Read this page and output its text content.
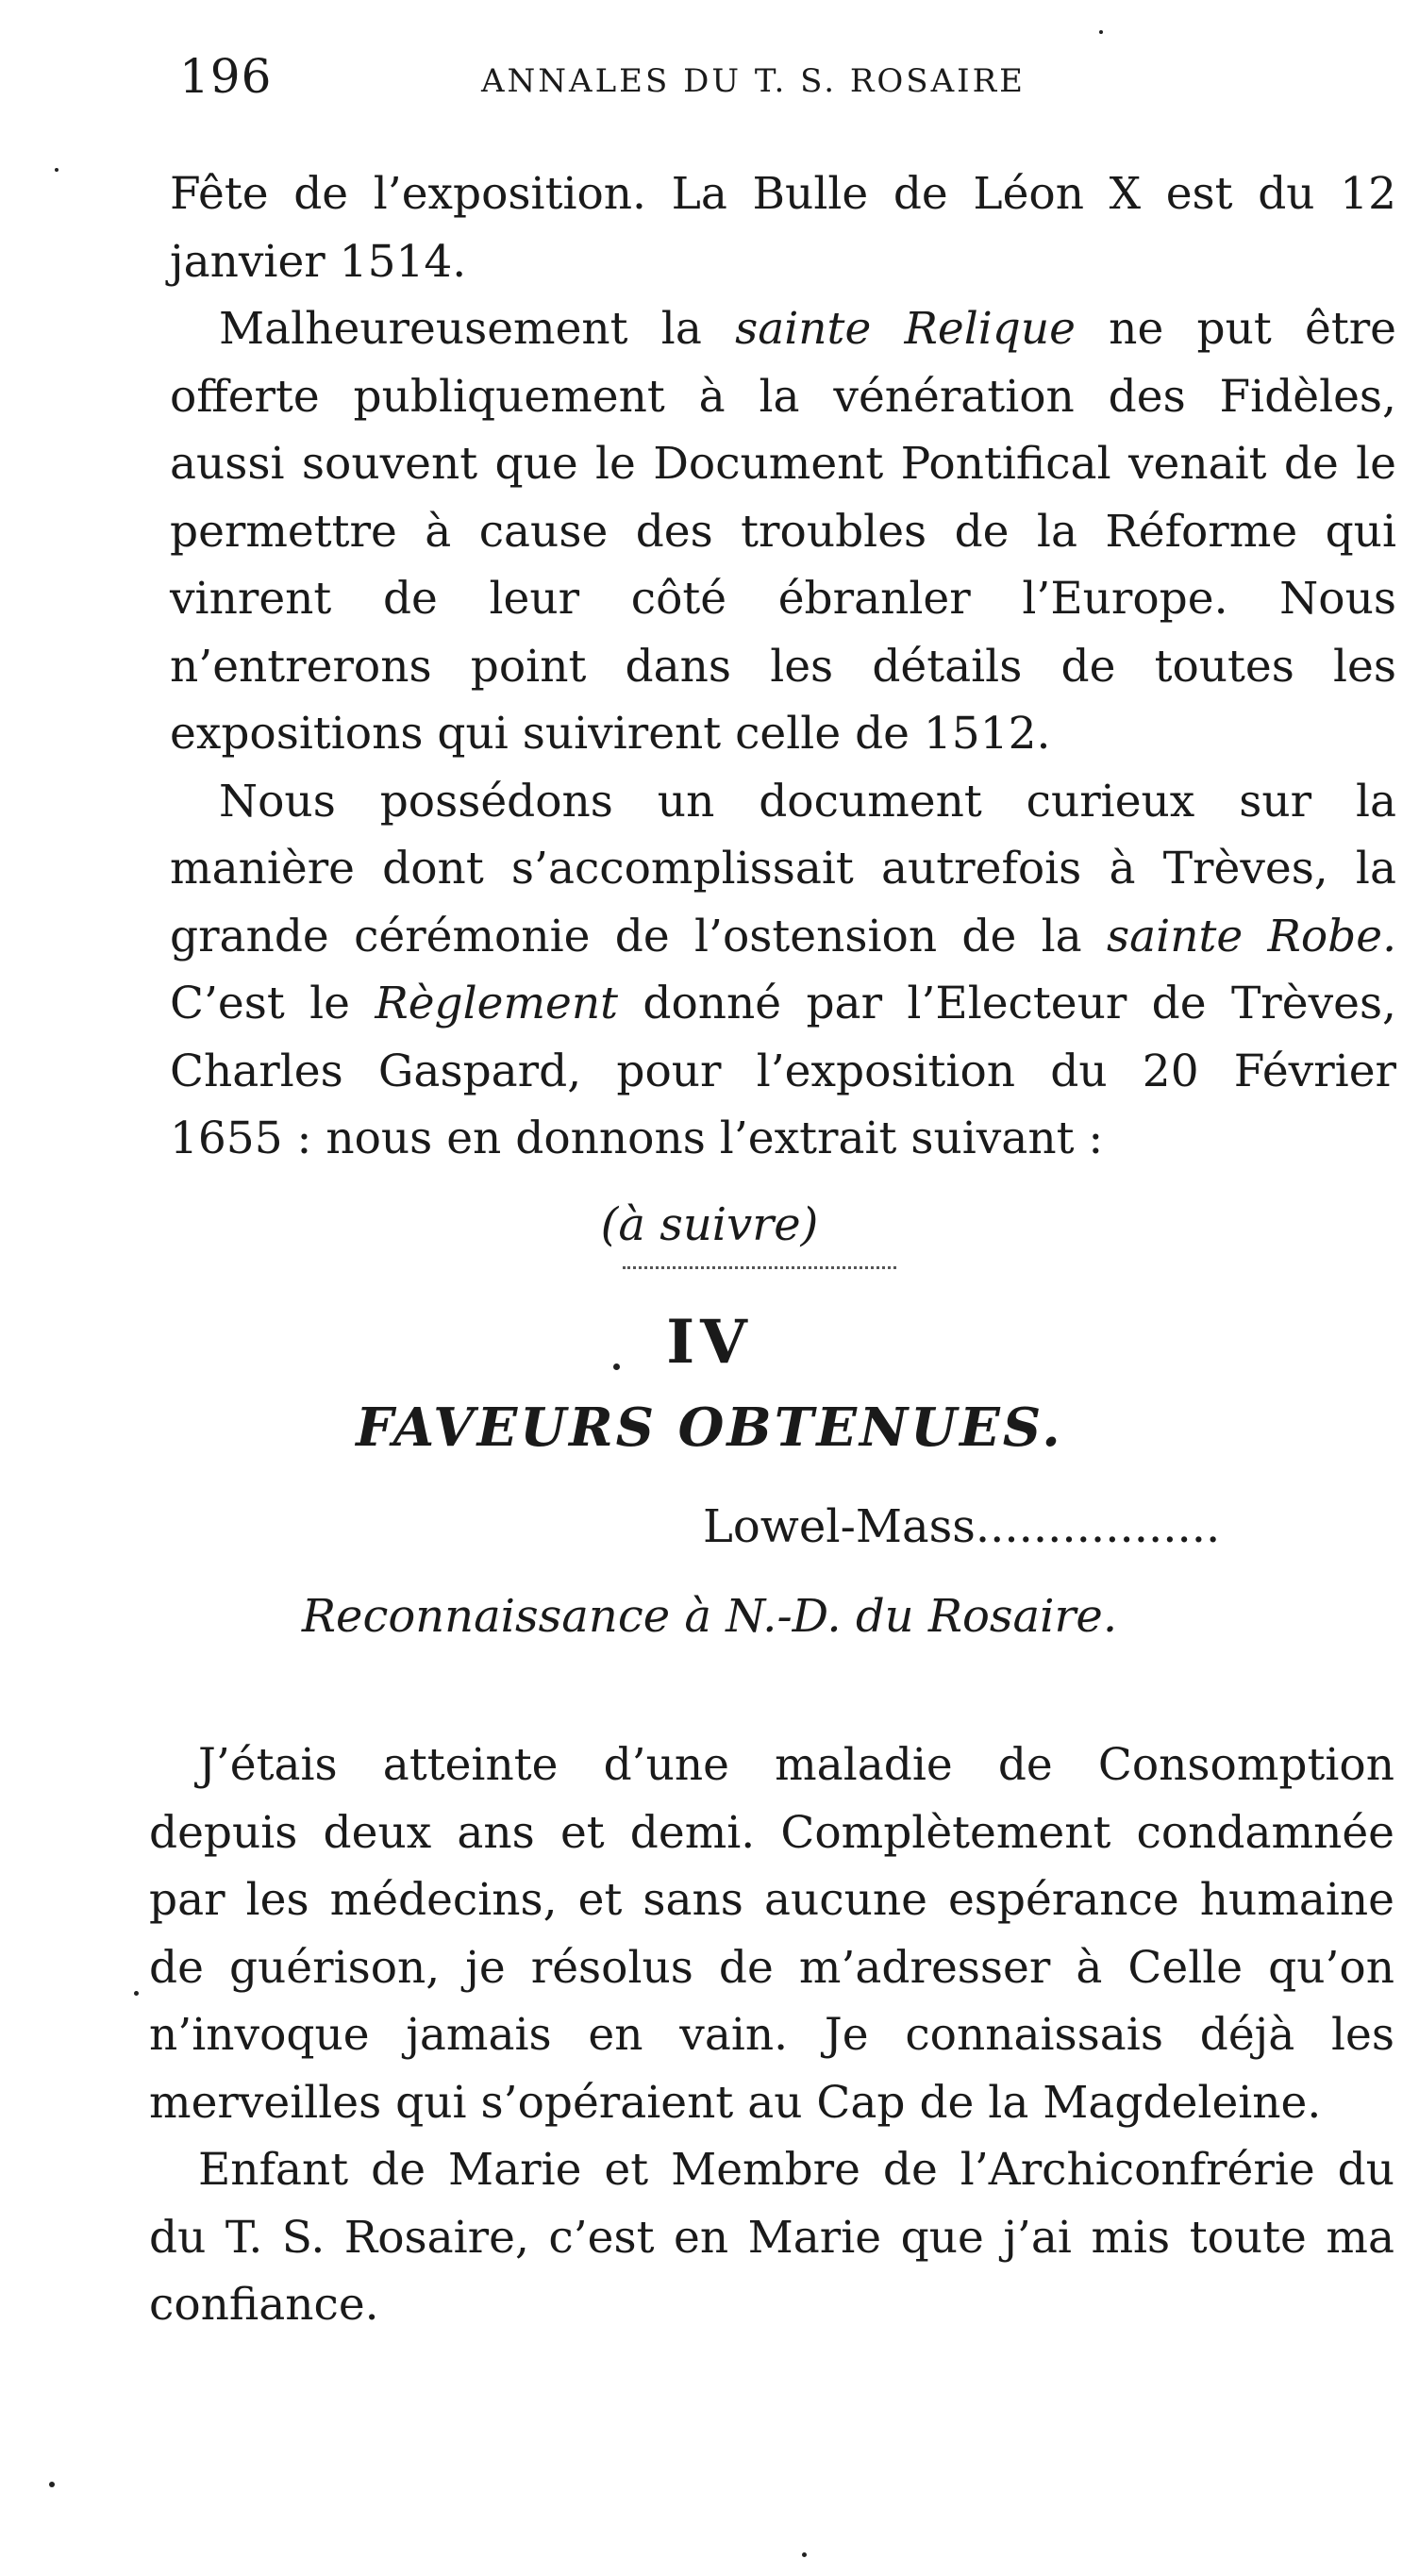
196	ANNALES DU T. S. ROSAIRE

Fête de l’exposition. La Bulle de Léon X est du 12 janvier 1514.

Malheureusement la sainte Relique ne put être offerte publiquement à la vénération des Fidèles, aussi souvent que le Document Pontifical venait de le permettre à cause des troubles de la Réforme qui vinrent de leur côté ébranler l’Europe. Nous n’entrerons point dans les détails de toutes les expositions qui suivirent celle de 1512.

Nous possédons un document curieux sur la manière dont s’accomplissait autrefois à Trèves, la grande cérémonie de l’ostension de la sainte Robe. C’est le Règlement donné par l’Electeur de Trèves, Charles Gaspard, pour l’exposition du 20 Février 1655 : nous en donnons l’extrait suivant :

(à suivre)
IV
FAVEURS OBTENUES.
Lowel-Mass.................
Reconnaissance à N.-D. du Rosaire.

J’étais atteinte d’une maladie de Consomption depuis deux ans et demi. Complètement condamnée par les médecins, et sans aucune espérance humaine de guérison, je résolus de m’adresser à Celle qu’on n’invoque jamais en vain. Je connaissais déjà les merveilles qui s’opéraient au Cap de la Magdeleine.

Enfant de Marie et Membre de l’Archiconfrérie du du T. S. Rosaire, c’est en Marie que j’ai mis toute ma confiance.
